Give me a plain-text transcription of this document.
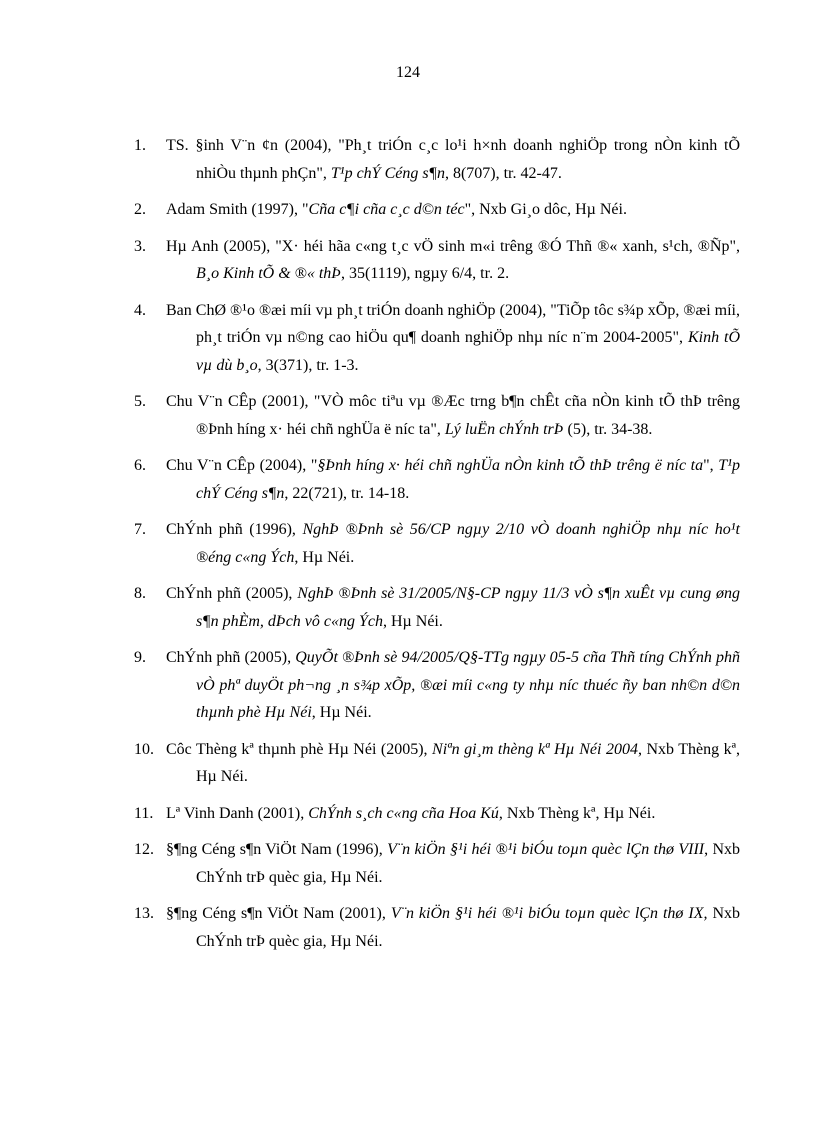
124
1. TS. §inh V¨n ¢n (2004), "Ph¸t triÓn c¸c lo¹i h×nh doanh nghiÖp trong nÒn kinh tÕ nhiÒu thµnh phÇn", T¹p chÝ Céng s¶n, 8(707), tr. 42-47.
2. Adam Smith (1997), "Cña c¶i cña c¸c d©n téc", Nxb Gi¸o dôc, Hµ Néi.
3. Hµ Anh (2005), "X· héi hãa c«ng t¸c vÖ sinh m«i trêng ®Ó Thñ ®« xanh, s¹ch, ®Ñp", B¸o Kinh tÕ & ®« thÞ, 35(1119), ngµy 6/4, tr. 2.
4. Ban ChØ ®¹o ®æi míi vµ ph¸t triÓn doanh nghiÖp (2004), "TiÕp tôc s¾p xÕp, ®æi míi, ph¸t triÓn vµ n©ng cao hiÖu qu¶ doanh nghiÖp nhµ níc n¨m 2004-2005", Kinh tÕ vµ dù b¸o, 3(371), tr. 1-3.
5. Chu V¨n CÊp (2001), "VÒ môc tiªu vµ ®Æc trng b¶n chÊt cña nÒn kinh tÕ thÞ trêng ®Þnh híng x· héi chñ nghÜa ë níc ta", Lý luËn chÝnh trÞ (5), tr. 34-38.
6. Chu V¨n CÊp (2004), "§Þnh híng x· héi chñ nghÜa nÒn kinh tÕ thÞ trêng ë níc ta", T¹p chÝ Céng s¶n, 22(721), tr. 14-18.
7. ChÝnh phñ (1996), NghÞ ®Þnh sè 56/CP ngµy 2/10 vÒ doanh nghiÖp nhµ níc ho¹t ®éng c«ng Ých, Hµ Néi.
8. ChÝnh phñ (2005), NghÞ ®Þnh sè 31/2005/N§-CP ngµy 11/3 vÒ s¶n xuÊt vµ cung øng s¶n phÈm, dÞch vô c«ng Ých, Hµ Néi.
9. ChÝnh phñ (2005), QuyÕt ®Þnh sè 94/2005/Q§-TTg ngµy 05-5 cña Thñ tíng ChÝnh phñ vÒ phª duyÖt ph¬ng ¸n s¾p xÕp, ®æi míi c«ng ty nhµ níc thuéc ñy ban nh©n d©n thµnh phè Hµ Néi, Hµ Néi.
10. Côc Thèng kª thµnh phè Hµ Néi (2005), Niªn gi¸m thèng kª Hµ Néi 2004, Nxb Thèng kª, Hµ Néi.
11. Lª Vinh Danh (2001), ChÝnh s¸ch c«ng cña Hoa Kú, Nxb Thèng kª, Hµ Néi.
12. §¶ng Céng s¶n ViÖt Nam (1996), V¨n kiÖn §¹i héi ®¹i biÓu toµn quèc lÇn thø VIII, Nxb ChÝnh trÞ quèc gia, Hµ Néi.
13. §¶ng Céng s¶n ViÖt Nam (2001), V¨n kiÖn §¹i héi ®¹i biÓu toµn quèc lÇn thø IX, Nxb ChÝnh trÞ quèc gia, Hµ Néi.
